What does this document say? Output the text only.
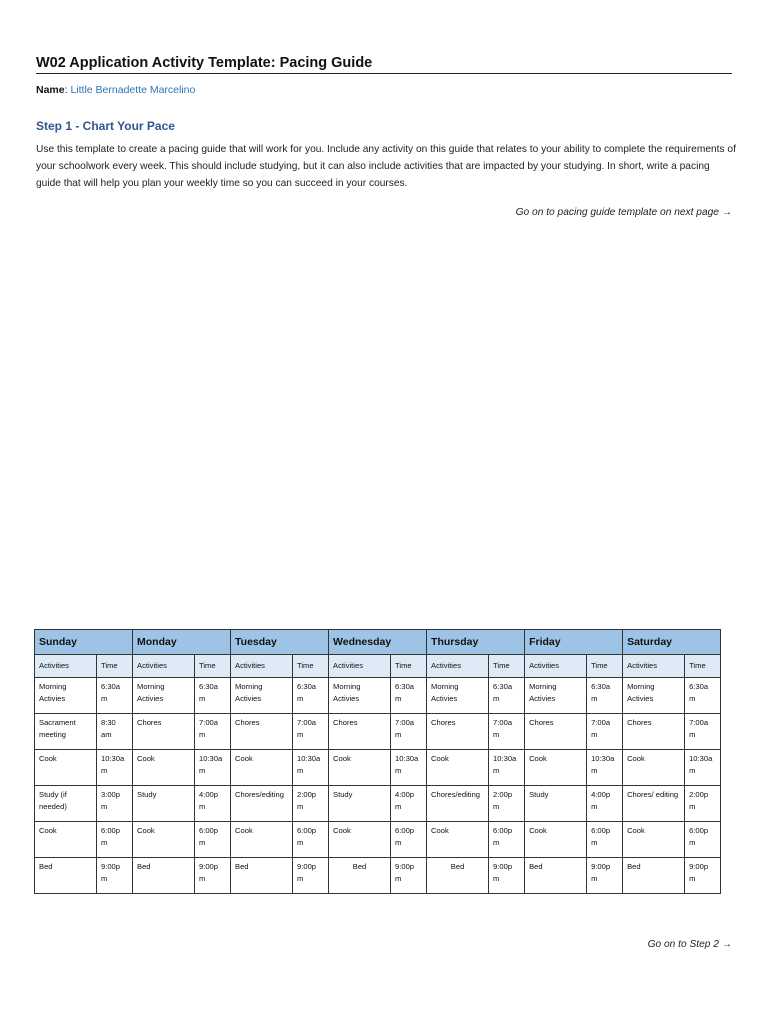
W02 Application Activity Template: Pacing Guide
Name: Little Bernadette Marcelino
Step 1 - Chart Your Pace
Use this template to create a pacing guide that will work for you. Include any activity on this guide that relates to your ability to complete the requirements of your schoolwork every week. This should include studying, but it can also include activities that are impacted by your studying. In short, write a pacing guide that will help you plan your weekly time so you can succeed in your courses.
Go on to pacing guide template on next page →
Sunday		Monday		Tuesday		Wednesday		Thursday		Friday		Saturday	
Activities	Time	Activities	Time	Activities	Time	Activities	Time	Activities	Time	Activities	Time	Activities	Time
Morning Activies	6:30a m	Morning Activies	6:30a m	Morning Activies	6:30a m	Morning Activies	6:30a m	Morning Activies	6:30a m	Morning Activies	6:30a m	Morning Activies	6:30a m
Sacrament meeting	8:30 am	Chores	7:00a m	Chores	7:00a m	Chores	7:00a m	Chores	7:00a m	Chores	7:00a m	Chores	7:00a m
Cook	10:30a m	Cook	10:30a m	Cook	10:30a m	Cook	10:30a m	Cook	10:30a m	Cook	10:30a m	Cook	10:30a m
Study (if needed)	3:00p m	Study	4:00p m	Chores/editing	2:00p m	Study	4:00p m	Chores/editing	2:00p m	Study	4:00p m	Chores/ editing	2:00p m
Cook	6:00p m	Cook	6:00p m	Cook	6:00p m	Cook	6:00p m	Cook	6:00p m	Cook	6:00p m	Cook	6:00p m
Bed	9:00p m	Bed	9:00p m	Bed	9:00p m	Bed	9:00p m	Bed	9:00p m	Bed	9:00p m	Bed	9:00p m
Go on to Step 2 →
